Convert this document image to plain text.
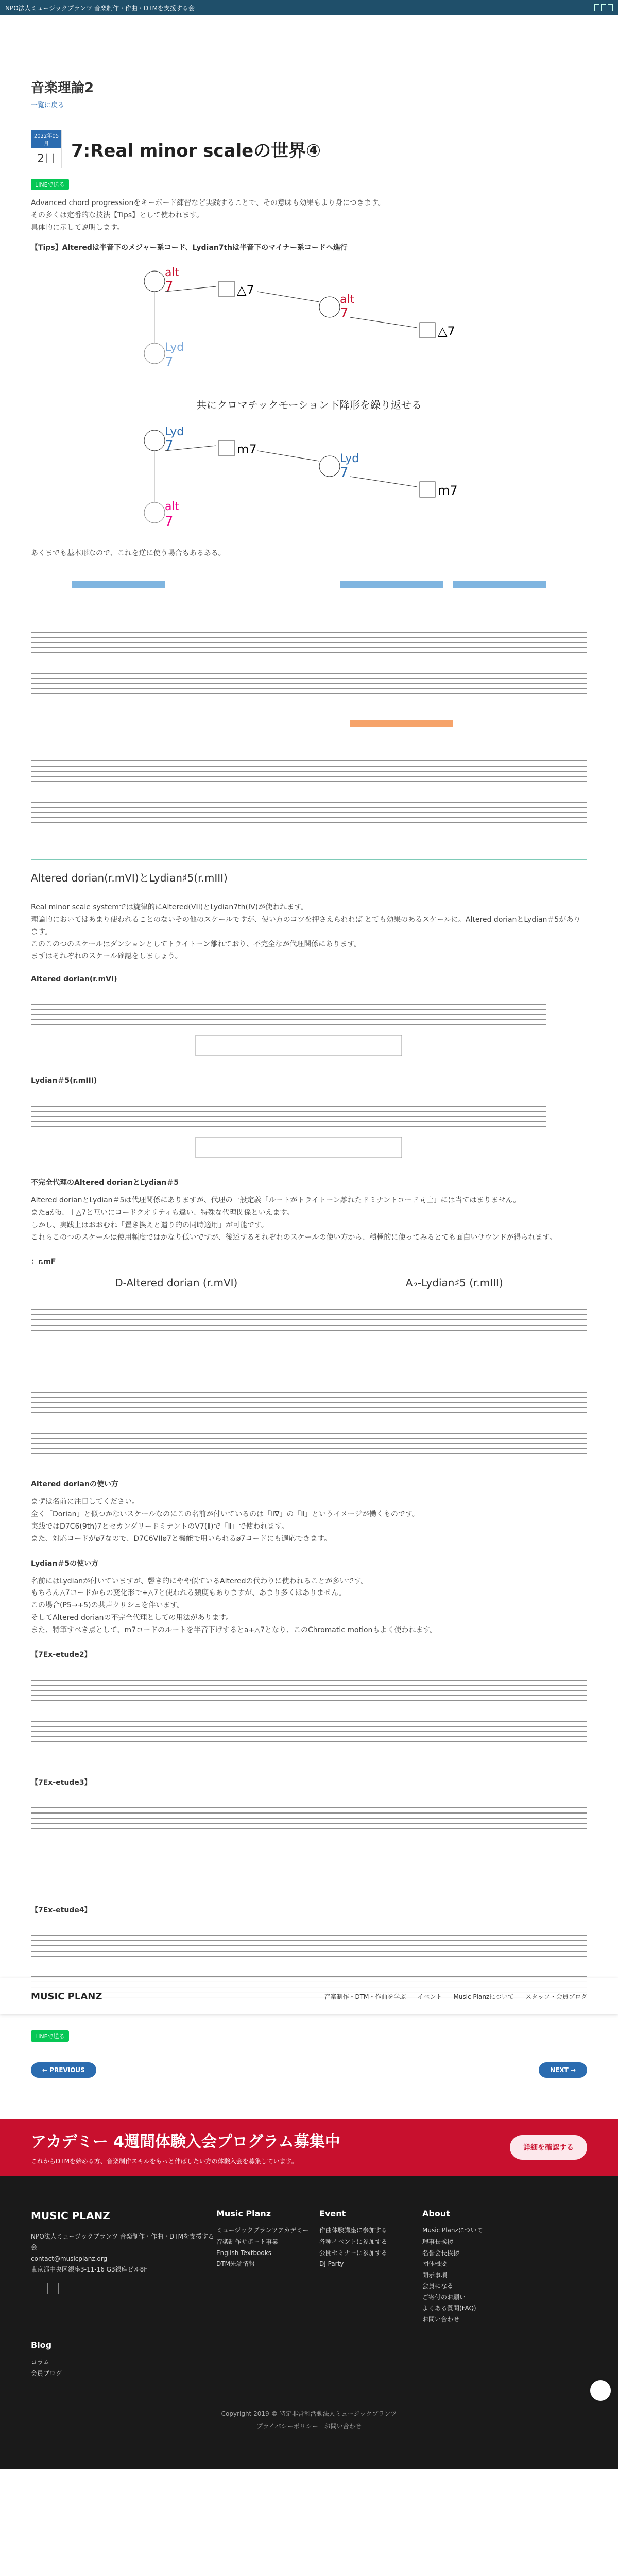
NPO法人ミュージックプランツ 音楽制作・作曲・DTMを支援する会
音楽理論2
一覧に戻る
2022年05月
2日 7:Real minor scaleの世界④
LINEで送る
Advanced chord progressionをキーボード練習など実践することで、その意味も効果もより身につきます。
その多くは定番的な技法【Tips】として使われます。
具体的に示して説明します。
【Tips】Alteredは半音下のメジャー系コード、Lydian7thは半音下のマイナー系コードへ進行
alt
7	△7
alt
7
△7
Lyd
7
共にクロマチックモーション下降形を繰り返せる
Lyd
7	m7
Lyd
7
m7
alt
7
あくまでも基本形なので、これを逆に使う場合もあるある。
Altered dorian(r.mVI)とLydian♯5(r.mIII)
Real minor scale systemでは旋律的にAltered(VII)とLydian7th(IV)が使われます。
理論的においてはあまり使われることのないその他のスケールですが、使い方のコツを押さえられれば とても効果のあるスケールに。Altered dorianとLydian＃5があります。
このこのつのスケールはダンションとしてトライトーン離れており、不完全なが代理関係にあります。
まずはそれぞれのスケール確認をしましょう。
Altered dorian(r.mVI)
Lydian＃5(r.mIII)
不完全代理のAltered dorianとLydian＃5
Altered dorianとLydian＃5は代理関係にありますが、代理の一般定義「ルートがトライトーン離れたドミナントコード同士」には当てはまりません。
またaがb、＋△7と互いにコードクオリティも違い、特殊な代理関係といえます。
しかし、実践上はおおむね「置き換えと遣り的の同時適用」が可能です。
これらこのつのスケールは使用頻度ではかなり低いですが、後述するそれぞれのスケールの使い方から、積極的に使ってみるとても面白いサウンドが得られます。
：r.mF
D-Altered dorian (r.mVI)	A♭-Lydian♯5 (r.mIII)
Altered dorianの使い方
まずは名前に注目してください。
全く「Dorian」と似つかないスケールなのにこの名前が付いているのは「Ⅱ∇」の「Ⅱ」というイメージが働くものです。
実践ではD7C6(9th)7とセカンダリードミナントのV7(Ⅱ)で「Ⅱ」で使われます。
また、対応コードがø7なので、D7C6VIIø7と機能で用いられるø7コードにも適応できます。
Lydian＃5の使い方
名前にはLydianが付いていますが、響き的にやや似ているAlteredの代わりに使われることが多いです。
もちろん△7コードからの変化形で+△7と使われる頻度もありますが、あまり多くはありません。
この場合(P5→+5)の共声クリシェを伴います。
そしてAltered dorianの不完全代理としての用法があります。
また、特筆すべき点として、m7コードのルートを半音下げするとa+△7となり、このChromatic motionもよく使われます。
【7Ex-etude2】
【7Ex-etude3】
【7Ex-etude4】
LINEで送る
← PREVIOUS	NEXT →
MUSIC PLANZ	音楽制作・DTM・作曲を学ぶ イベント Music Planzについて スタッフ・会員ブログ
アカデミー 4週間体験入会プログラム募集中
これからDTMを始める方、音楽制作スキルをもっと伸ばしたい方の体験入会を募集しています。
詳細を確認する
MUSIC PLANZ
NPO法人ミュージックプランツ 音楽制作・作曲・DTMを支援する会
contact@musicplanz.org
東京都中央区銀座3-11-16 G3銀座ビル8F
Music Planz
ミュージックプランツアカデミー
音楽制作サポート事業
English Textbooks
DTM先端情報
Event
作曲体験講座に参加する
各種イベントに参加する
公開セミナーに参加する
DJ Party
About
Music Planzについて
理事長挨拶
名誉会長挨拶
団体概要
開示事項
会員になる
ご寄付のお願い
よくある質問(FAQ)
お問い合わせ
Blog
コラム
会員ブログ
Copyright 2019-© 特定非営利活動法人ミュージックプランツ
プライバシーポリシー　お問い合わせ
